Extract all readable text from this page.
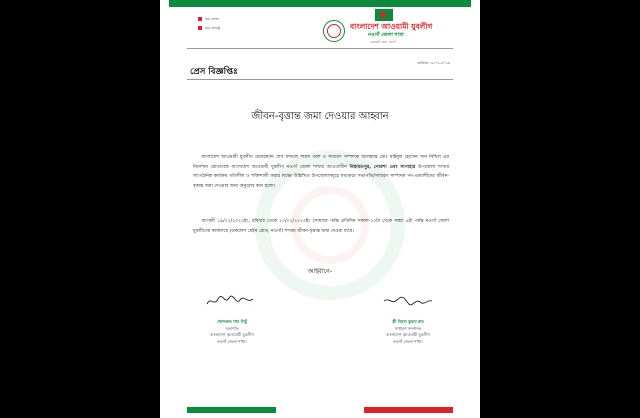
জয় বাংলা
জয় বঙ্গবন্ধু	বাংলাদেশ আওয়ামী যুবলীগ
নওগাঁ জেলা শাখা
ডেমকেট রোড, নওগাঁ
তারিখঃ ১৮-০২-২০২৩
প্রেস বিজ্ঞপ্তিঃ
জীবন-বৃত্তান্ত জমা দেওয়ার আহ্বান
বাংলাদেশ আওয়ামী যুবলীগ চেয়ারম্যান শেখ ফজলে শামস পরশ ও সাধারণ সম্পাদক আলহাজ্ব মোঃ মাইনুল হোসেন খান নিখিল এর নির্দেশনা মোতাবেক বাংলাদেশ আওয়ামী যুবলীগ নওগাঁ জেলা শাখার আওতাধীন নিয়ামতপুর, পোরশা এবং সাপাহার উপজেলা শাখার সাংগঠনিক কার্যক্রম গতিশীল ও শক্তিশালী করার লক্ষ্যে উল্লিখিত উপজেলাসমূহে যথাক্রমে সভাপতি/সাধারণ সম্পাদক পদ-প্রত্যাশীদের জীবন-বৃত্তান্ত জমা দেওয়ার জন্য অনুরোধ করা হলো।
আগামী ১৯/০২/২০২৩ইং, রবিবার থেকে ২০/০২/২০২৩ইং সোমবার পর্যন্ত প্রতিদিন সকাল-১০টা থেকে সন্ধ্যা ৬টা পর্যন্ত নওগাঁ জেলা যুবলীগের কার্যালয়ে (ডকলেস মেইন রোড, নওগাঁ) শাখায় জীবন-বৃত্তান্ত জমা দেওয়া যাবে।
আহ্বানে-
খোন্দকার খান লিটু
সভাপতি
বাংলাদেশ আওয়ামী যুবলীগ
নওগাঁ জেলা শাখা।
শ্রী বিমান কুমার রায়
সাধারণ সম্পাদক
বাংলাদেশ আওয়ামী যুবলীগ
নওগাঁ জেলা শাখা।
